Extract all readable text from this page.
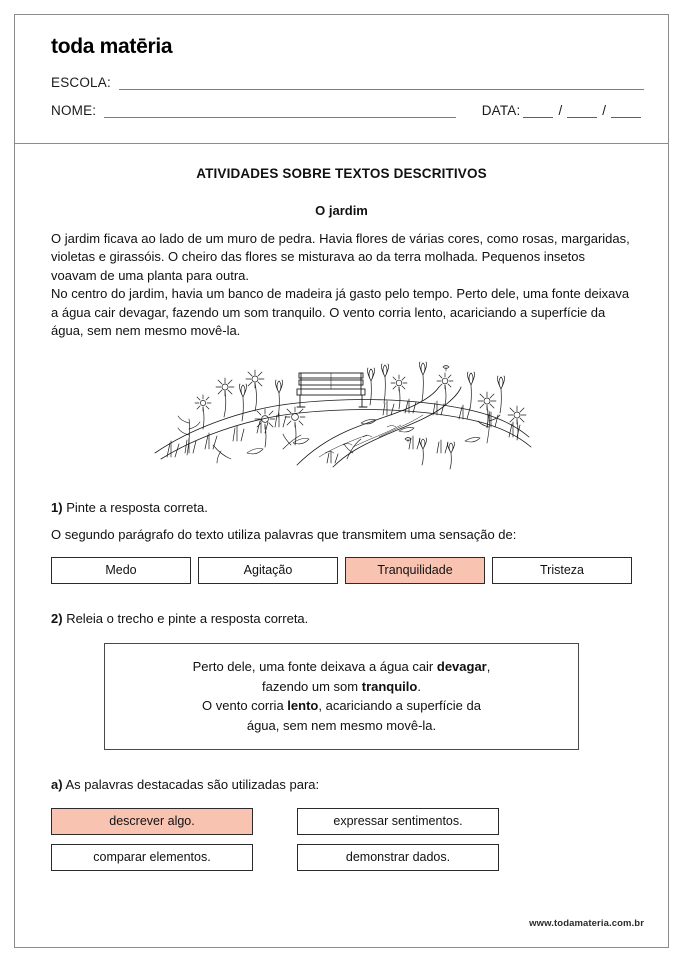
toda matēria
ESCOLA:
NOME:	DATA:	/	/
ATIVIDADES SOBRE TEXTOS DESCRITIVOS
O jardim

O jardim ficava ao lado de um muro de pedra. Havia flores de várias cores, como rosas, margaridas, violetas e girassóis. O cheiro das flores se misturava ao da terra molhada. Pequenos insetos voavam de uma planta para outra.

No centro do jardim, havia um banco de madeira já gasto pelo tempo. Perto dele, uma fonte deixava a água cair devagar, fazendo um som tranquilo. O vento corria lento, acariciando a superfície da água, sem nem mesmo movê-la.

1) Pinte a resposta correta.
O segundo parágrafo do texto utiliza palavras que transmitem uma sensação de:
Medo	Agitação	Tranquilidade	Tristeza
2) Releia o trecho e pinte a resposta correta.
Perto dele, uma fonte deixava a água cair devagar,
fazendo um som tranquilo.
O vento corria lento, acariciando a superfície da
água, sem nem mesmo movê-la.
a) As palavras destacadas são utilizadas para:
descrever algo.	expressar sentimentos.
comparar elementos.	demonstrar dados.
www.todamateria.com.br
